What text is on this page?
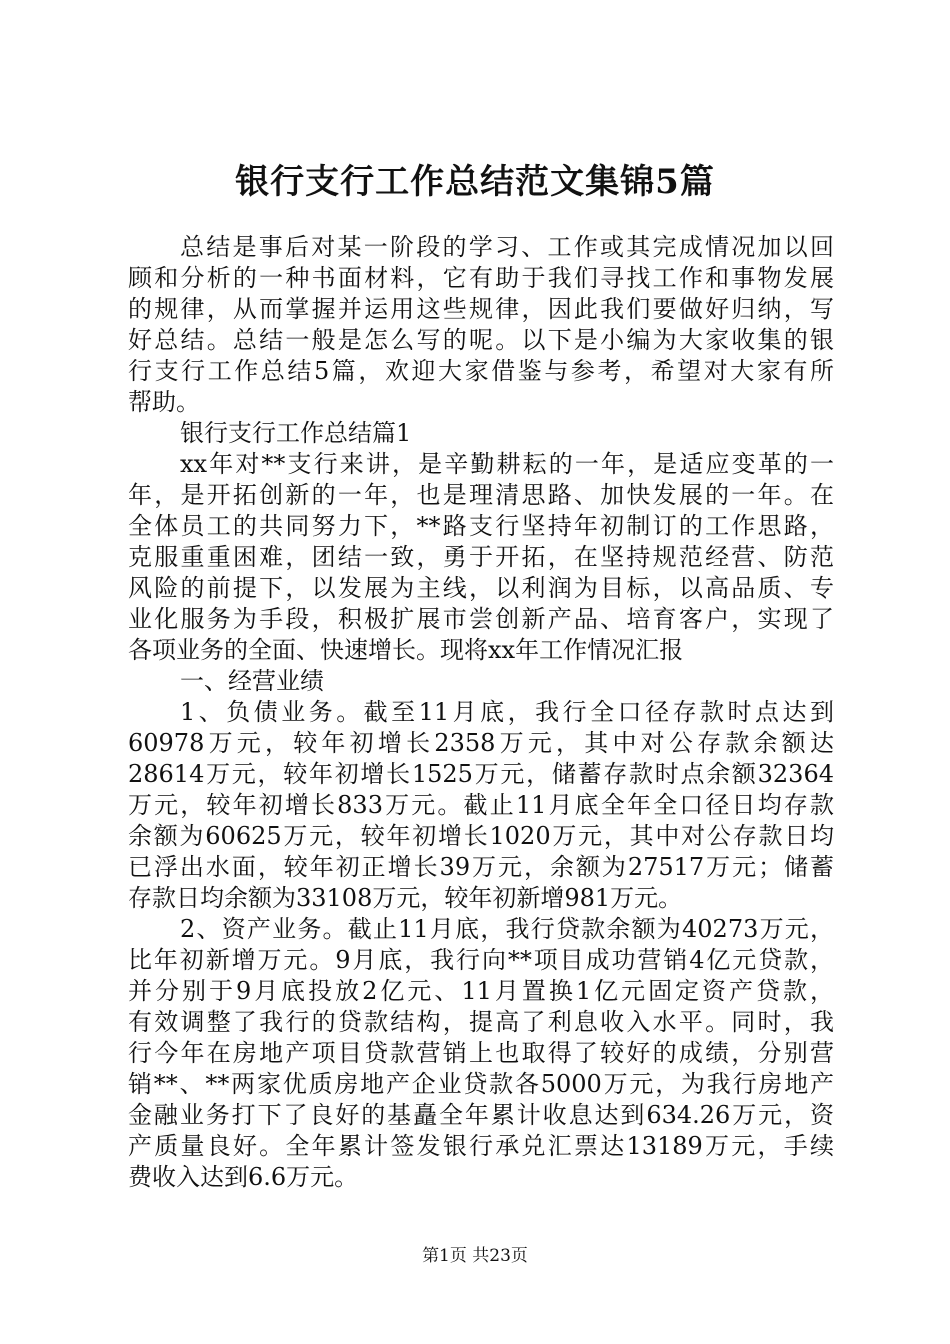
银行支行工作总结范文集锦5篇
总结是事后对某一阶段的学习、工作或其完成情况加以回
顾和分析的一种书面材料，它有助于我们寻找工作和事物发展
的规律，从而掌握并运用这些规律，因此我们要做好归纳，写
好总结。总结一般是怎么写的呢。以下是小编为大家收集的银
行支行工作总结5篇，欢迎大家借鉴与参考，希望对大家有所
帮助。
银行支行工作总结篇1
xx年对**支行来讲，是辛勤耕耘的一年，是适应变革的一
年，是开拓创新的一年，也是理清思路、加快发展的一年。在
全体员工的共同努力下，**路支行坚持年初制订的工作思路，
克服重重困难，团结一致，勇于开拓，在坚持规范经营、防范
风险的前提下，以发展为主线，以利润为目标，以高品质、专
业化服务为手段，积极扩展市尝创新产品、培育客户，实现了
各项业务的全面、快速增长。现将xx年工作情况汇报
一、经营业绩
1、负债业务。截至11月底，我行全口径存款时点达到
60978万元，较年初增长2358万元，其中对公存款余额达
28614万元，较年初增长1525万元，储蓄存款时点余额32364
万元，较年初增长833万元。截止11月底全年全口径日均存款
余额为60625万元，较年初增长1020万元，其中对公存款日均
已浮出水面，较年初正增长39万元，余额为27517万元；储蓄
存款日均余额为33108万元，较年初新增981万元。
2、资产业务。截止11月底，我行贷款余额为40273万元，
比年初新增万元。9月底，我行向**项目成功营销4亿元贷款，
并分别于9月底投放2亿元、11月置换1亿元固定资产贷款，
有效调整了我行的贷款结构，提高了利息收入水平。同时，我
行今年在房地产项目贷款营销上也取得了较好的成绩，分别营
销**、**两家优质房地产企业贷款各5000万元，为我行房地产
金融业务打下了良好的基矗全年累计收息达到634.26万元，资
产质量良好。全年累计签发银行承兑汇票达13189万元，手续
费收入达到6.6万元。
第1页 共23页
